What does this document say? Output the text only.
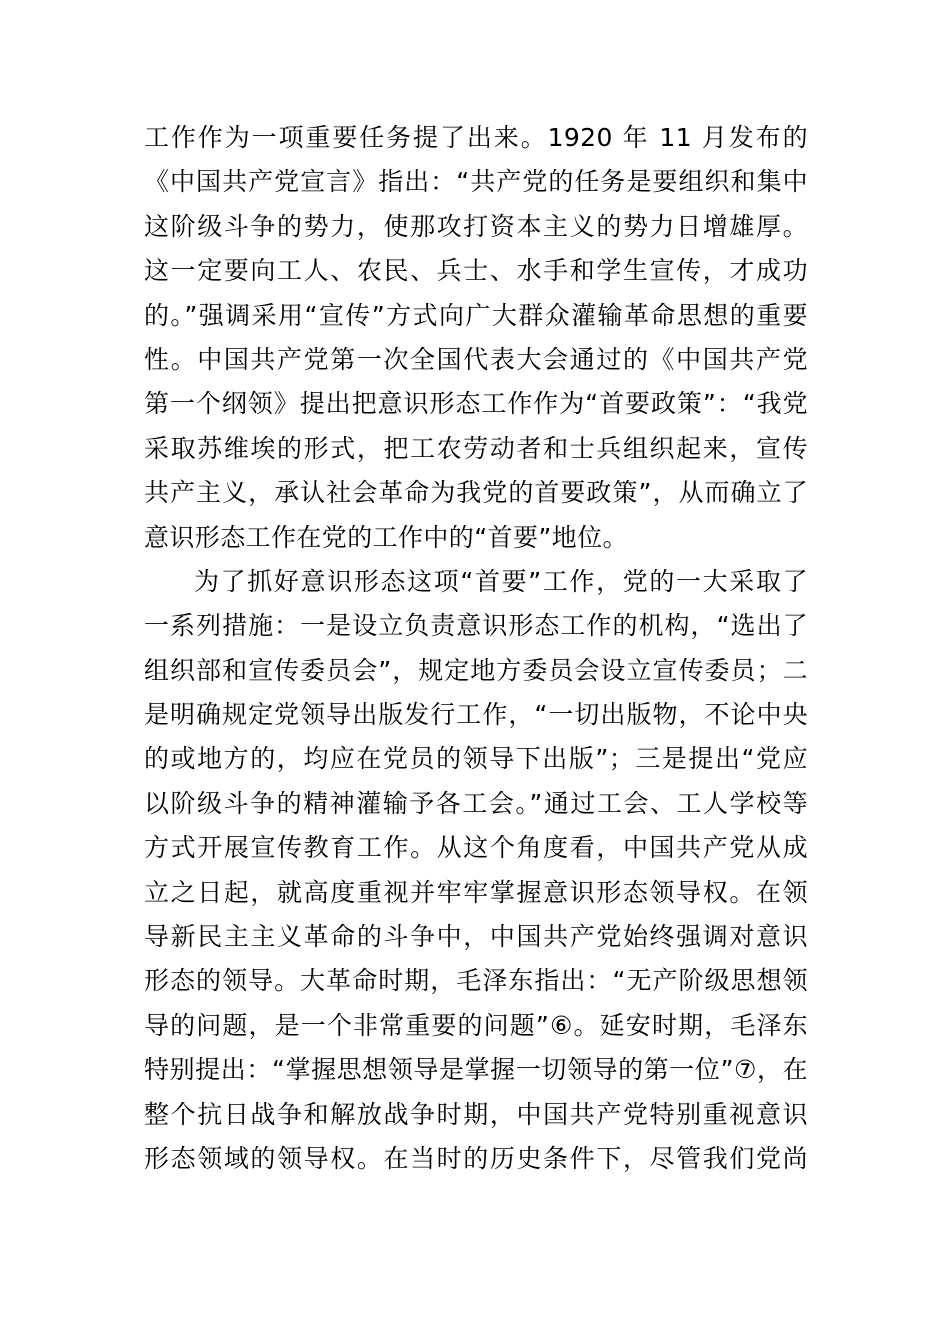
工作作为一项重要任务提了出来。1920 年 11 月发布的
《中国共产党宣言》指出：“共产党的任务是要组织和集中
这阶级斗争的势力，使那攻打资本主义的势力日增雄厚。
这一定要向工人、农民、兵士、水手和学生宣传，才成功
的。”强调采用“宣传”方式向广大群众灌输革命思想的重要
性。中国共产党第一次全国代表大会通过的《中国共产党
第一个纲领》提出把意识形态工作作为“首要政策”：“我党
采取苏维埃的形式，把工农劳动者和士兵组织起来，宣传
共产主义，承认社会革命为我党的首要政策”，从而确立了
意识形态工作在党的工作中的“首要”地位。
为了抓好意识形态这项“首要”工作，党的一大采取了
一系列措施：一是设立负责意识形态工作的机构，“选出了
组织部和宣传委员会”，规定地方委员会设立宣传委员；二
是明确规定党领导出版发行工作，“一切出版物，不论中央
的或地方的，均应在党员的领导下出版”；三是提出“党应
以阶级斗争的精神灌输予各工会。”通过工会、工人学校等
方式开展宣传教育工作。从这个角度看，中国共产党从成
立之日起，就高度重视并牢牢掌握意识形态领导权。在领
导新民主主义革命的斗争中，中国共产党始终强调对意识
形态的领导。大革命时期，毛泽东指出：“无产阶级思想领
导的问题，是一个非常重要的问题”⑥。延安时期，毛泽东
特别提出：“掌握思想领导是掌握一切领导的第一位”⑦，在
整个抗日战争和解放战争时期，中国共产党特别重视意识
形态领域的领导权。在当时的历史条件下，尽管我们党尚
